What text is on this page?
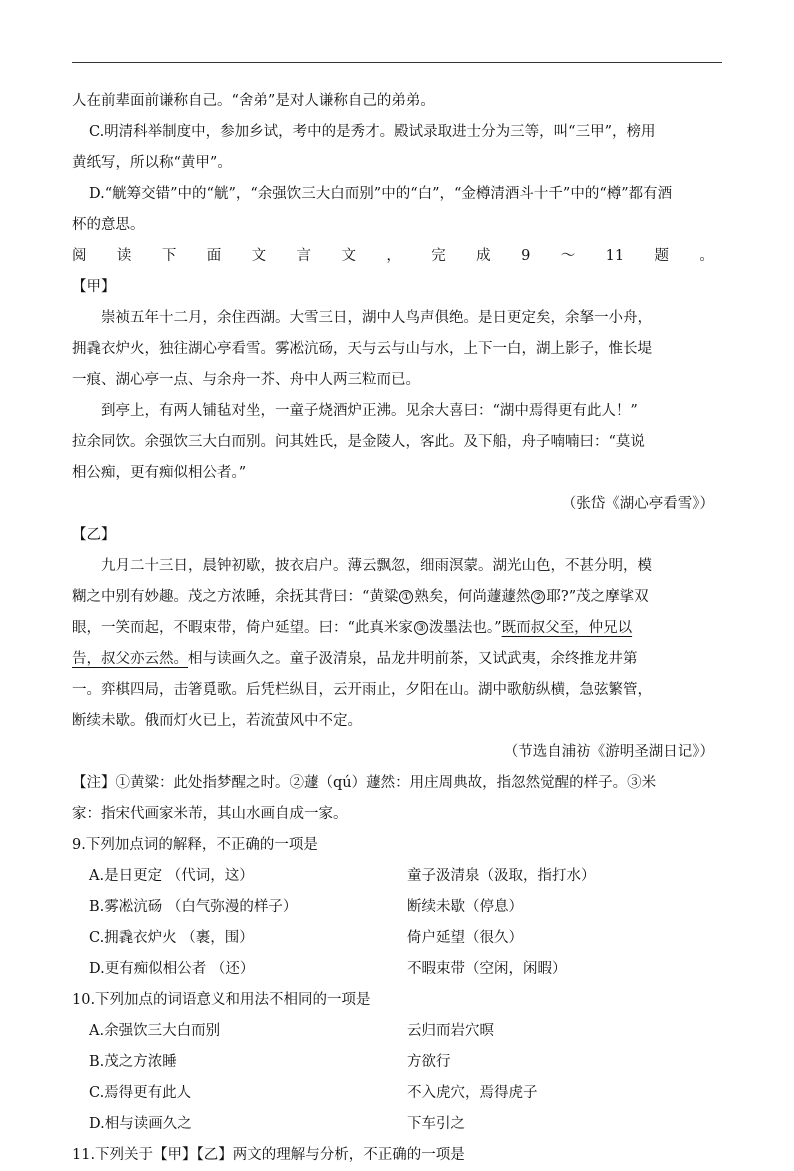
人在前辈面前谦称自己。“舍弟”是对人谦称自己的弟弟。

C.明清科举制度中，参加乡试，考中的是秀才。殿试录取进士分为三等，叫“三甲”，榜用

黄纸写，所以称“黄甲”。

D.“觥筹交错”中的“觥”，“余强饮三大白而别”中的“白”，“金樽清酒斗十千”中的“樽”都有酒

杯的意思。

阅 读 下 面 文 言 文 ， 完 成 9 ～ 11 题 。

【甲】

崇祯五年十二月，余住西湖。大雪三日，湖中人鸟声俱绝。是日更定矣，余拏一小舟，

拥毳衣炉火，独往湖心亭看雪。雾凇沆砀，天与云与山与水，上下一白，湖上影子，惟长堤

一痕、湖心亭一点、与余舟一芥、舟中人两三粒而已。

到亭上，有两人铺毡对坐，一童子烧酒炉正沸。见余大喜曰：“湖中焉得更有此人！”

拉余同饮。余强饮三大白而别。问其姓氏，是金陵人，客此。及下船，舟子喃喃曰：“莫说

相公痴，更有痴似相公者。”

（张岱《湖心亭看雪》）

【乙】

九月二十三日，晨钟初歇，披衣启户。薄云飘忽，细雨溟蒙。湖光山色，不甚分明，模

糊之中别有妙趣。茂之方浓睡，余抚其背曰：“黄粱 ① 熟矣，何尚蘧蘧然 ② 耶?”茂之摩挲双

眼，一笑而起，不暇束带，倚户延望。曰：“此真米家 ③ 泼墨法也。”既而叔父至，仲兄以

告，叔父亦云然。相与读画久之。童子汲清泉，品龙井明前茶，又试武夷，余终推龙井第

一。弈棋四局，击箸覓歌。后凭栏纵目，云开雨止，夕阳在山。湖中歌舫纵横，急弦繁管，

断续未歇。俄而灯火已上，若流萤风中不定。

（节选自浦祊《游明圣湖日记》）

【注】①黄粱：此处指梦醒之时。②蘧（qú）蘧然：用庄周典故，指忽然觉醒的样子。③米

家：指宋代画家米芾，其山水画自成一家。

9.下列加点词的解释，不正确的一项是

A.是日更定 （代词，这）	童子汲清泉（汲取，指打水）
B.雾凇沆砀 （白气弥漫的样子）	断续未歇（停息）
C.拥毳衣炉火 （裹，围）	倚户延望（很久）
D.更有痴似相公者 （还）	不暇束带（空闲，闲暇）

10.下列加点的词语意义和用法不相同的一项是

A.余强饮三大白而别	云归而岩穴暝
B.茂之方浓睡	方欲行
C.焉得更有此人	不入虎穴，焉得虎子
D.相与读画久之	下车引之

11.下列关于【甲】【乙】两文的理解与分析，不正确的一项是
